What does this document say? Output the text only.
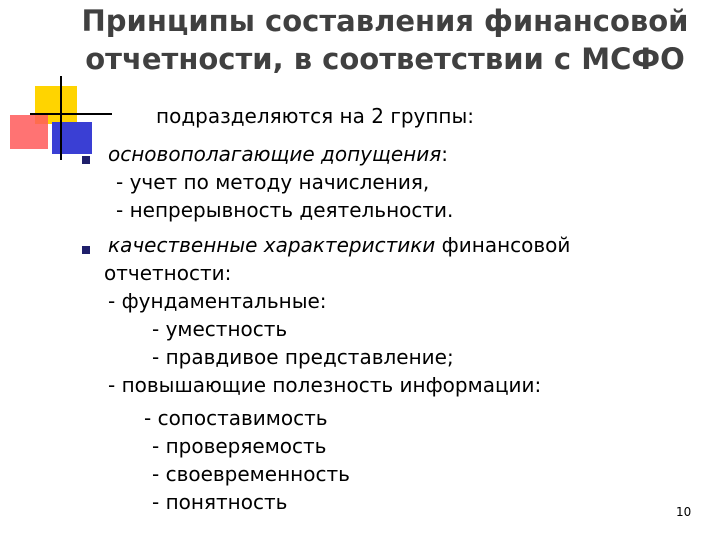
Принципы составления финансовой
отчетности, в соответствии с МСФО
подразделяются на 2 группы:
основополагающие допущения:
- учет по методу начисления,
- непрерывность деятельности.
качественные характеристики финансовой
отчетности:
- фундаментальные:
- уместность
- правдивое представление;
- повышающие полезность информации:
- сопоставимость
- проверяемость
- своевременность
- понятность	10
